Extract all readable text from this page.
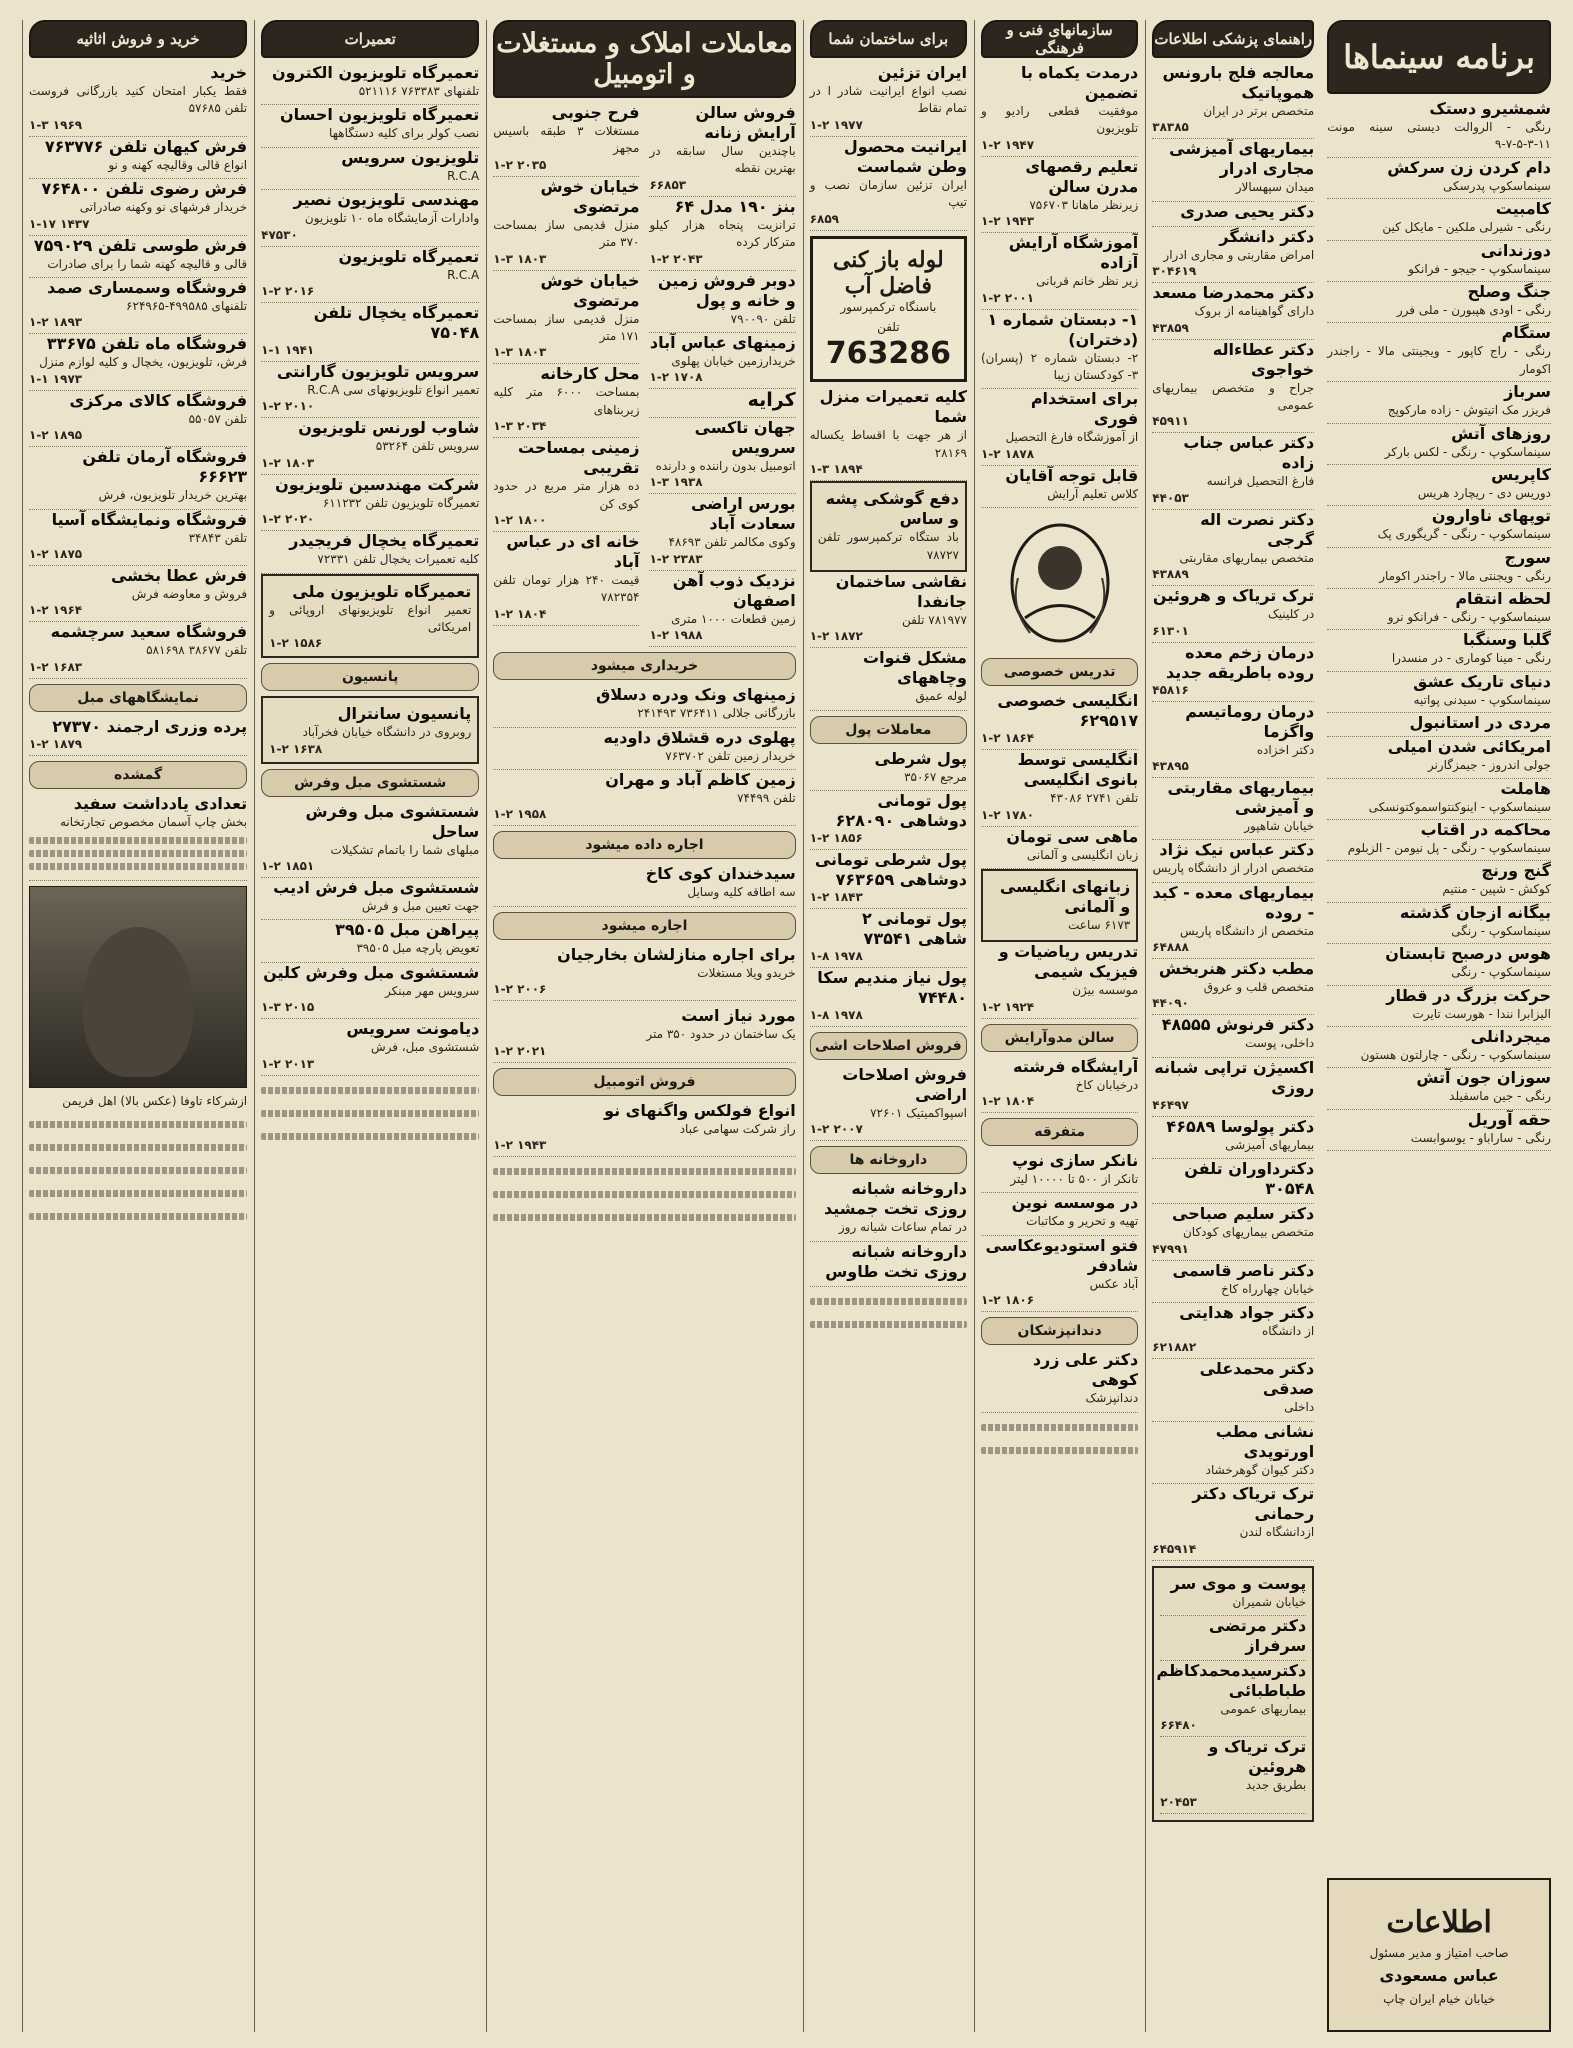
خرید و فروش اثاثیه
خرید
فقط یکبار امتحان کنید بازرگانی فروست تلفن ۵۷۶۸۵
۱-۳ ۱۹۶۹
فرش کیهان تلفن ۷۶۳۷۷۶
انواع قالی وقالیچه کهنه و نو
فرش رضوی تلفن ۷۶۴۸۰۰
خریدار فرشهای نو وکهنه صادراتی
۱-۱۷ ۱۴۳۷
فرش طوسی تلفن ۷۵۹۰۲۹
قالی و قالیچه کهنه شما را برای صادرات
فروشگاه وسمساری صمد
تلفنهای ۴۹۹۵۸۵-۶۲۴۹۶۵
۱-۲ ۱۸۹۳
فروشگاه ماه تلفن ۳۳۶۷۵
فرش، تلویزیون، یخچال و کلیه لوازم منزل
۱-۱ ۱۹۷۳
فروشگاه کالای مرکزی
تلفن ۵۵۰۵۷
۱-۲ ۱۸۹۵
فروشگاه آرمان تلفن ۶۶۶۲۳
بهترین خریدار تلویزیون، فرش
فروشگاه ونمایشگاه آسیا
تلفن ۳۴۸۴۳
۱-۲ ۱۸۷۵
فرش عطا بخشی
فروش و معاوضه فرش
۱-۲ ۱۹۶۴
فروشگاه سعید سرچشمه
تلفن ۳۸۶۷۷ ۵۸۱۶۹۸
۱-۲ ۱۶۸۳
نمایشگاههای مبل
پرده وزری ارجمند ۲۷۳۷۰
۱-۲ ۱۸۷۹
گمشده
تعدادی یادداشت سفید
بخش چاپ آسمان مخصوص تجارتخانه
ازشرکاء تاوفا (عکس بالا) اهل فریمن
تعمیرات
تعمیرگاه تلویزیون الکترون
تلفنهای ۷۶۳۳۸۳ ۵۲۱۱۱۶
تعمیرگاه تلویزیون احسان
نصب کولر برای کلیه دستگاهها
تلویزیون سرویس
R.C.A
مهندسی تلویزیون نصیر
وادارات آزمایشگاه ماه ۱۰ تلویزیون
۴۷۵۳۰
تعمیرگاه تلویزیون
R.C.A
۱-۲ ۲۰۱۶
تعمیرگاه یخچال تلفن ۷۵۰۴۸
۱-۱ ۱۹۴۱
سرویس تلویزیون گارانتی
تعمیر انواع تلویزیونهای سی R.C.A
۱-۲ ۲۰۱۰
شاوب لورنس تلویزیون
سرویس تلفن ۵۳۲۶۴
۱-۲ ۱۸۰۳
شرکت مهندسین تلویزیون
تعمیرگاه تلویزیون تلفن ۶۱۱۲۳۲
۱-۲ ۲۰۲۰
تعمیرگاه یخچال فریجیدر
کلیه تعمیرات یخچال تلفن ۷۲۳۳۱
تعمیرگاه تلویزیون ملی
تعمیر انواع تلویزیونهای اروپائی و امریکائی
۱-۲ ۱۵۸۶
پانسیون
پانسیون سانترال
روبروی در دانشگاه خیابان فخرآباد
۱-۲ ۱۶۳۸
شستشوی مبل وفرش
شستشوی مبل وفرش ساحل
مبلهای شما را باتمام تشکیلات
۱-۲ ۱۸۵۱
شستشوی مبل فرش ادیب
جهت تعیین مبل و فرش
پیراهن مبل ۳۹۵۰۵
تعویض پارچه مبل ۳۹۵۰۵
شستشوی مبل وفرش کلین
سرویس مهر مبنکر
۱-۳ ۲۰۱۵
دیامونت سرویس
شستشوی مبل، فرش
۱-۲ ۲۰۱۳
معاملات املاک و مستغلات و اتومبیل
فروش سالن آرایش زنانه
باچندین سال سابقه در بهترین نقطه
۶۶۸۵۳
بنز ۱۹۰ مدل ۶۴
ترانزیت پنجاه هزار کیلو مترکار کرده
۱-۲ ۲۰۴۳
دوبر فروش زمین و خانه و پول
تلفن ۷۹۰۰۹۰
زمینهای عباس آباد
خریدارزمین خیابان پهلوی
۱-۲ ۱۷۰۸
کرایه
جهان تاکسی سرویس
اتومبیل بدون راننده و دارنده
۱-۳ ۱۹۳۸
بورس اراضی سعادت آباد
وکوی مکالمر تلفن ۴۸۶۹۳
۱-۲ ۲۳۸۳
نزدیک ذوب آهن اصفهان
زمین قطعات ۱۰۰۰ متری
۱-۲ ۱۹۸۸
فرح جنوبی
مستغلات ۳ طبقه باسیس مجهز
۱-۲ ۲۰۳۵
خیابان خوش مرتضوی
منزل قدیمی ساز بمساحت ۳۷۰ متر
۱-۳ ۱۸۰۳
خیابان خوش مرتضوی
منزل قدیمی ساز بمساحت ۱۷۱ متر
۱-۳ ۱۸۰۳
محل کارخانه
بمساحت ۶۰۰۰ متر کلیه زیربناهای
۱-۳ ۲۰۳۴
زمینی بمساحت تقریبی
ده هزار متر مربع در حدود کوی کن
۱-۲ ۱۸۰۰
خانه ای در عباس آباد
قیمت ۲۴۰ هزار تومان تلفن ۷۸۲۳۵۴
۱-۲ ۱۸۰۴
خریداری میشود
زمینهای ونک ودره دسلاق
بازرگانی جلالی ۷۳۶۴۱۱ ۲۴۱۴۹۳
پهلوی دره قشلاق داودیه
خریدار زمین تلفن ۷۶۳۷۰۲
زمین کاظم آباد و مهران
تلفن ۷۴۴۹۹
۱-۲ ۱۹۵۸
اجاره داده میشود
سیدخندان کوی کاخ
سه اطاقه کلیه وسایل
اجاره میشود
برای اجاره منازلشان بخارجیان
خریدو ویلا مستغلات
۱-۲ ۲۰۰۶
مورد نیاز است
یک ساختمان در حدود ۳۵۰ متر
۱-۲ ۲۰۲۱
فروش اتومبیل
انواع فولکس واگنهای نو
راز شرکت سهامی عباد
۱-۲ ۱۹۴۳
برای ساختمان شما
ایران تزئین
نصب انواع ایرانیت شادر ا در تمام نقاط
۱-۲ ۱۹۷۷
ایرانیت محصول وطن شماست
ایران تزئین سازمان نصب و تیپ
۶۸۵۹
لوله باز کنی فاضل آب
باسنگاه ترکمپرسور
تلفن 763286
کلیه تعمیرات منزل شما
از هر جهت با اقساط یکساله ۲۸۱۶۹
۱-۳ ۱۸۹۴
دفع گوشکی پشه و ساس
باد ستگاه ترکمپرسور تلفن ۷۸۷۲۷
نقاشی ساختمان جانفدا
۷۸۱۹۷۷ تلفن
۱-۲ ۱۸۷۲
مشکل قنوات وچاههای
لوله عمیق
معاملات پول
پول شرطی
مرجع ۳۵۰۶۷
پول تومانی دوشاهی ۶۲۸۰۹۰
۱-۲ ۱۸۵۶
پول شرطی تومانی دوشاهی ۷۶۳۶۵۹
۱-۲ ۱۸۴۳
پول تومانی ۲ شاهی ۷۳۵۴۱
۱-۸ ۱۹۷۸
پول نیاز مندیم سکا ۷۴۴۸۰
۱-۸ ۱۹۷۸
فروش اصلاحات اشی
فروش اصلاحات اراضی
اسپواکمیتیک ۷۲۶۰۱
۱-۲ ۲۰۰۷
داروخانه ها
داروخانه شبانه روزی تخت جمشید
در تمام ساعات شبانه روز
داروخانه شبانه روزی تخت طاوس
سازمانهای فنی و فرهنگی
درمدت یکماه با تضمین
موفقیت قطعی رادیو و تلویزیون
۱-۲ ۱۹۴۷
تعلیم رقصهای مدرن سالن
زیرنظر ماهانا ۷۵۶۷۰۳
۱-۲ ۱۹۴۳
آموزشگاه آرایش آزاده
زیر نظر خانم قربانی
۱-۲ ۲۰۰۱
۱- دبستان شماره ۱ (دختران)
۲- دبستان شماره ۲ (پسران) ۳- کودکستان زیبا
برای استخدام فوری
از آموزشگاه فارغ التحصیل
۱-۲ ۱۸۷۸
قابل توجه آقایان
کلاس تعلیم آرایش
تدریس خصوصی
انگلیسی خصوصی ۶۲۹۵۱۷
۱-۲ ۱۸۶۴
انگلیسی توسط بانوی انگلیسی
تلفن ۲۷۴۱ ۴۳۰۸۶
۱-۲ ۱۷۸۰
ماهی سی تومان
زبان انگلیسی و آلمانی
زبانهای انگلیسی و آلمانی
۶۱۷۳ ساعت
تدریس ریاضیات و فیزیک شیمی
موسسه بیژن
۱-۲ ۱۹۲۴
سالن مدوآرایش
آرایشگاه فرشته
درخیابان کاخ
۱-۲ ۱۸۰۴
متفرقه
نانکر سازی نوپ
تانکر از ۵۰۰ تا ۱۰۰۰۰ لیتر
در موسسه نوین
تهیه و تحریر و مکاتبات
فتو استودیوعکاسی شادفر
آباد عکس
۱-۲ ۱۸۰۶
دندانپزشکان
دکتر علی زرد کوهی
دندانپزشک
راهنمای پزشکی اطلاعات
معالجه فلج بارونس هموپاتیک
متخصص برتر در ایران
۳۸۳۸۵
بیماریهای آمیزشی مجاری ادرار
میدان سپهسالار
دکتر یحیی صدری
دکتر دانشگر
امراض مقاربتی و مجاری ادرار
۳۰۴۶۱۹
دکتر محمدرضا مسعد
دارای گواهینامه از بروک
۴۳۸۵۹
دکتر عطاءاله خواجوی
جراح و متخصص بیماریهای عمومی
۴۵۹۱۱
دکتر عباس جناب زاده
فارغ التحصیل فرانسه
۴۴۰۵۳
دکتر نصرت اله گرجی
متخصص بیماریهای مقاربتی
۴۳۸۸۹
ترک تریاک و هروئین
در کلینیک
۶۱۳۰۱
درمان زخم معده روده باطریقه جدید
۴۵۸۱۶
درمان روماتیسم واگزما
دکتر اخزاده
۴۳۸۹۵
بیماریهای مقاربتی و آمیزشی
خیابان شاهپور
دکتر عباس نیک نژاد
متخصص ادرار از دانشگاه پاریس
بیماریهای معده - کبد - روده
متخصص از دانشگاه پاریس
۶۴۸۸۸
مطب دکتر هنربخش
متخصص قلب و عروق
۴۴۰۹۰
دکتر فرنوش ۴۸۵۵۵
داخلی، پوست
اکسیژن تراپی شبانه روزی
۴۶۴۹۷
دکتر پولوسا ۴۶۵۸۹
بیماریهای آمیزشی
دکترداوران تلفن ۳۰۵۴۸
دکتر سلیم صباحی
متخصص بیماریهای کودکان
۴۷۹۹۱
دکتر ناصر قاسمی
خیابان چهارراه کاخ
دکتر جواد هدایتی
از دانشگاه
۶۲۱۸۸۲
دکتر محمدعلی صدقی
داخلی
نشانی مطب اورتوپدی
دکتر کیوان گوهرخشاد
ترک تریاک دکتر رحمانی
ازدانشگاه لندن
۶۴۵۹۱۴
پوست و موی سر
خیابان شمیران
دکتر مرتضی سرفراز
دکترسیدمحمدکاظم طباطبائی
بیماریهای عمومی
۶۶۴۸۰
ترک تریاک و هروئین
بطریق جدید
۲۰۴۵۳
برنامه سینماها
شمشیرو دستک
رنگی - الروالت دیستی سینه مونت ۱۱-۳-۵-۷-۹
دام کردن زن سرکش
سینماسکوپ پدرسکی
کامبیت
رنگی - شیرلی ملکین - مایکل کین
دوزندانی
سینماسکوپ - جیجو - فرانکو
جنگ وصلح
رنگی - اودی هپبورن - ملی فرر
ستگام
رنگی - راج کاپور - ویجینتی مالا - راجندر اکومار
سرباز
فریزر مک اتیتوش - زاده مارکوپج
روزهای آتش
سینماسکوپ - رنگی - لکس بارکر
کاپریس
دوریس دی - ریچارد هریس
توپهای ناوارون
سینماسکوپ - رنگی - گریگوری پک
سورج
رنگی - ویجنتی مالا - راجندر اکومار
لحظه انتقام
سینماسکوپ - رنگی - فرانکو نرو
گلبا وسنگبا
رنگی - مینا کوماری - در منسدرا
دنیای تاریک عشق
سینماسکوپ - سیدنی پواتیه
مردی در استانبول
امریکائی شدن امیلی
جولی اندروز - جیمزگارنر
هاملت
سینماسکوپ - اینوکنتواسموکتونسکی
محاکمه در اقتاب
سینماسکوپ - رنگی - پل نیومن - الزبلوم
گنج ورنچ
کوکش - شپین - منتیم
بیگانه ازجان گذشته
سینماسکوپ - رنگی
هوس درصبح تابستان
سینماسکوپ - رنگی
حرکت بزرگ در قطار
الیزابرا نندا - هورست تایرت
میجردانلی
سینماسکوپ - رنگی - چارلتون هستون
سوزان جون آتش
رنگی - جین ماسفیلد
حقه آوریل
رنگی - ساراباو - یوسوابست
اطلاعات
صاحب امتیاز و مدیر مسئول
عباس مسعودی
خیابان خیام ایران چاپ
